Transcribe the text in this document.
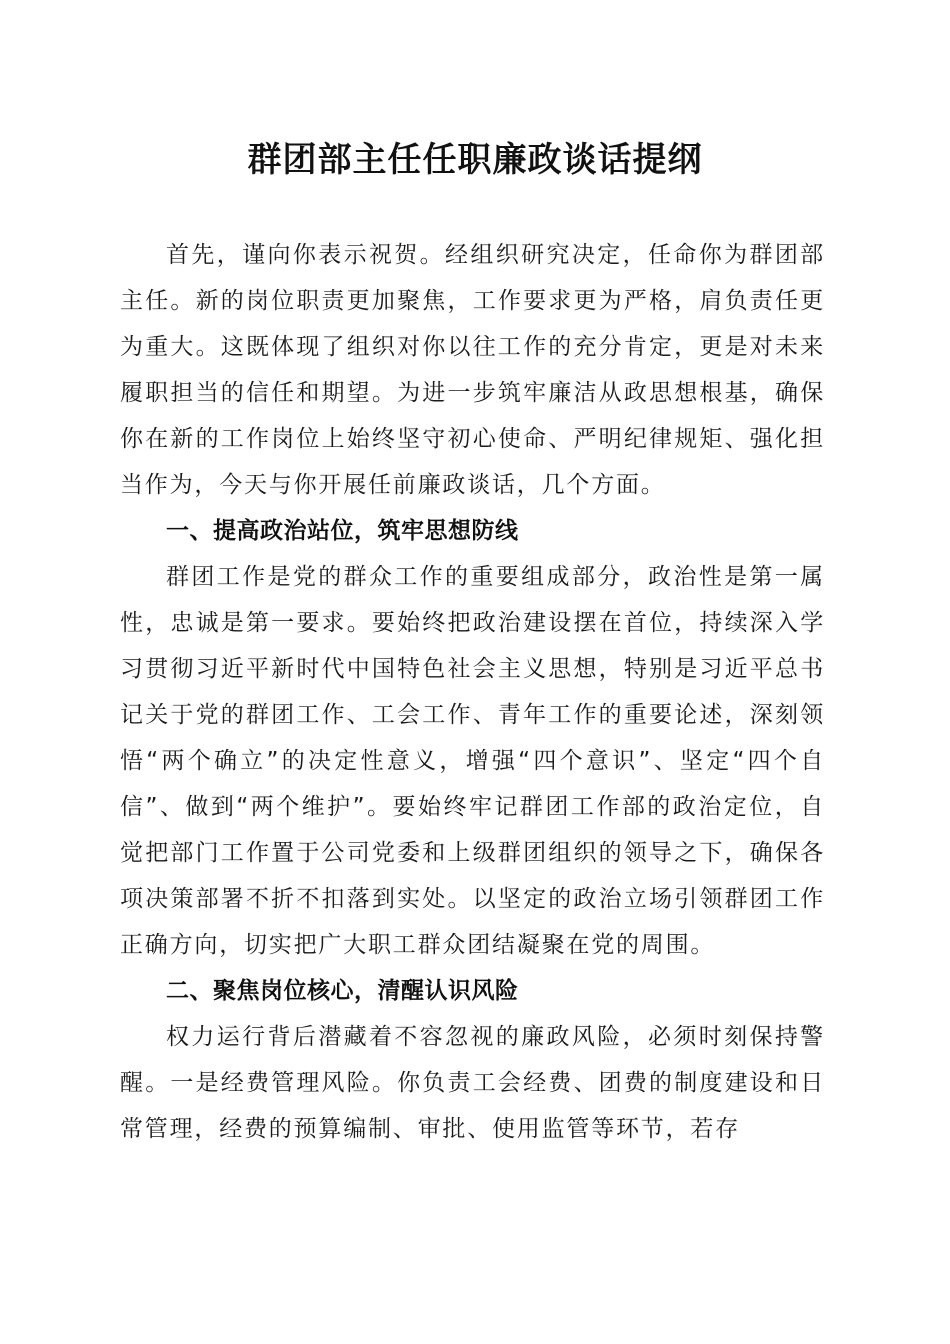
群团部主任任职廉政谈话提纲

首先，谨向你表示祝贺。经组织研究决定，任命你为群团部主任。新的岗位职责更加聚焦，工作要求更为严格，肩负责任更为重大。这既体现了组织对你以往工作的充分肯定，更是对未来履职担当的信任和期望。为进一步筑牢廉洁从政思想根基，确保你在新的工作岗位上始终坚守初心使命、严明纪律规矩、强化担当作为，今天与你开展任前廉政谈话，几个方面。

一、提高政治站位，筑牢思想防线

群团工作是党的群众工作的重要组成部分，政治性是第一属性，忠诚是第一要求。要始终把政治建设摆在首位，持续深入学习贯彻习近平新时代中国特色社会主义思想，特别是习近平总书记关于党的群团工作、工会工作、青年工作的重要论述，深刻领悟“两个确立”的决定性意义，增强“四个意识”、坚定“四个自信”、做到“两个维护”。要始终牢记群团工作部的政治定位，自觉把部门工作置于公司党委和上级群团组织的领导之下，确保各项决策部署不折不扣落到实处。以坚定的政治立场引领群团工作正确方向，切实把广大职工群众团结凝聚在党的周围。

二、聚焦岗位核心，清醒认识风险

权力运行背后潜藏着不容忽视的廉政风险，必须时刻保持警醒。一是经费管理风险。你负责工会经费、团费的制度建设和日常管理，经费的预算编制、审批、使用监管等环节，若存
